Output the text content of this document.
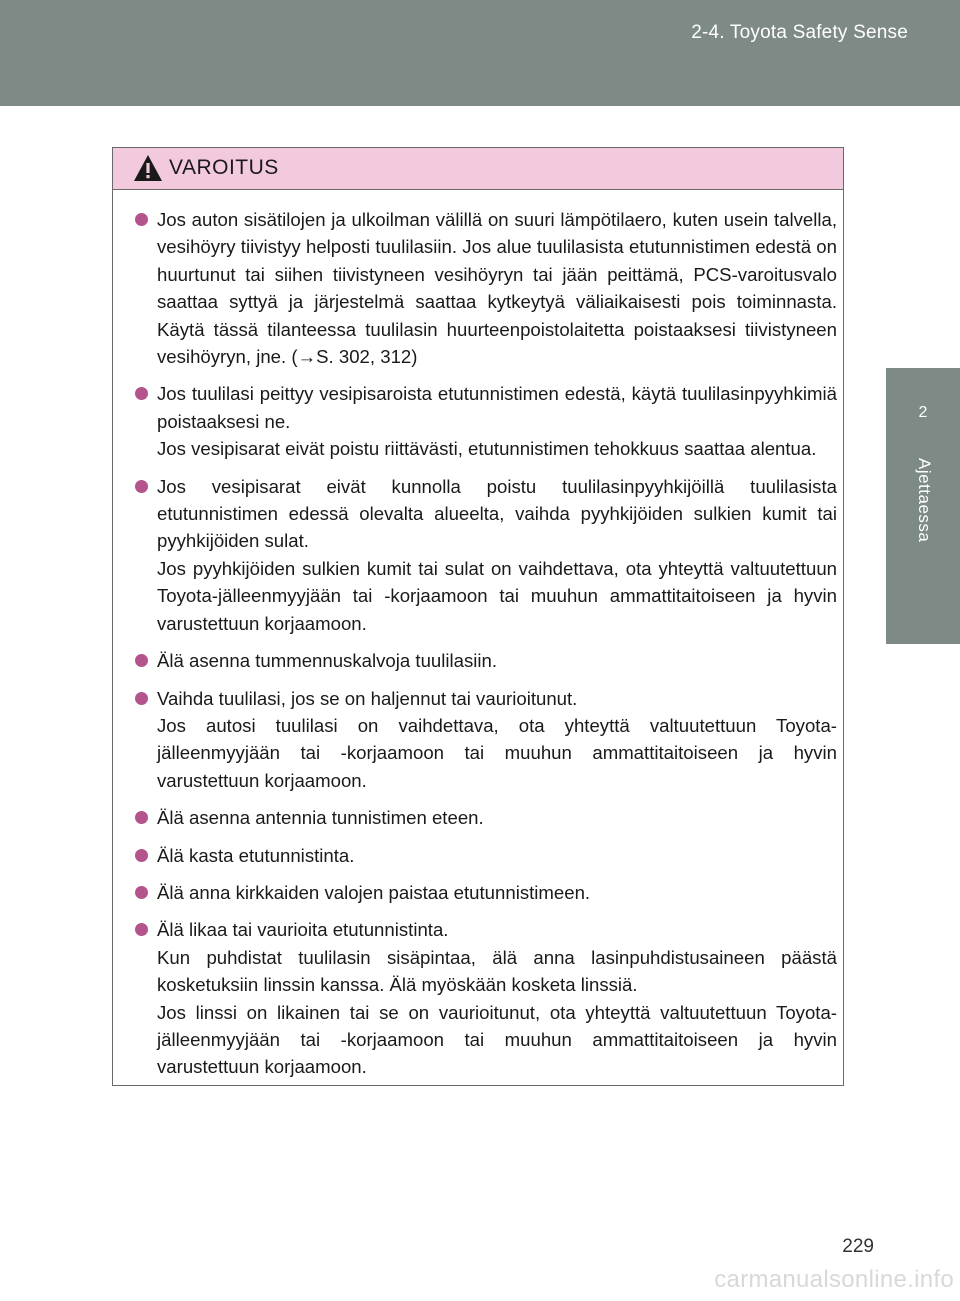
2-4. Toyota Safety Sense
2
Ajettaessa
VAROITUS

Jos auton sisätilojen ja ulkoilman välillä on suuri lämpötilaero, kuten usein talvella, vesihöyry tiivistyy helposti tuulilasiin. Jos alue tuulilasista etutunnistimen edestä on huurtunut tai siihen tiivistyneen vesihöyryn tai jään peittämä, PCS-varoitusvalo saattaa syttyä ja järjestelmä saattaa kytkeytyä väliaikaisesti pois toiminnasta. Käytä tässä tilanteessa tuulilasin huurteenpoistolaitetta poistaaksesi tiivistyneen vesihöyryn, jne. (→S. 302, 312)

Jos tuulilasi peittyy vesipisaroista etutunnistimen edestä, käytä tuulilasinpyyhkimiä poistaaksesi ne.

Jos vesipisarat eivät poistu riittävästi, etutunnistimen tehokkuus saattaa alentua.

Jos vesipisarat eivät kunnolla poistu tuulilasinpyyhkijöillä tuulilasista etutunnistimen edessä olevalta alueelta, vaihda pyyhkijöiden sulkien kumit tai pyyhkijöiden sulat.

Jos pyyhkijöiden sulkien kumit tai sulat on vaihdettava, ota yhteyttä valtuutettuun Toyota-jälleenmyyjään tai -korjaamoon tai muuhun ammattitaitoiseen ja hyvin varustettuun korjaamoon.

Älä asenna tummennuskalvoja tuulilasiin.

Vaihda tuulilasi, jos se on haljennut tai vaurioitunut.

Jos autosi tuulilasi on vaihdettava, ota yhteyttä valtuutettuun Toyota-jälleenmyyjään tai -korjaamoon tai muuhun ammattitaitoiseen ja hyvin varustettuun korjaamoon.

Älä asenna antennia tunnistimen eteen.

Älä kasta etutunnistinta.

Älä anna kirkkaiden valojen paistaa etutunnistimeen.

Älä likaa tai vaurioita etutunnistinta.

Kun puhdistat tuulilasin sisäpintaa, älä anna lasinpuhdistusaineen päästä kosketuksiin linssin kanssa. Älä myöskään kosketa linssiä.

Jos linssi on likainen tai se on vaurioitunut, ota yhteyttä valtuutettuun Toyota-jälleenmyyjään tai -korjaamoon tai muuhun ammattitaitoiseen ja hyvin varustettuun korjaamoon.

229
carmanualsonline.info
